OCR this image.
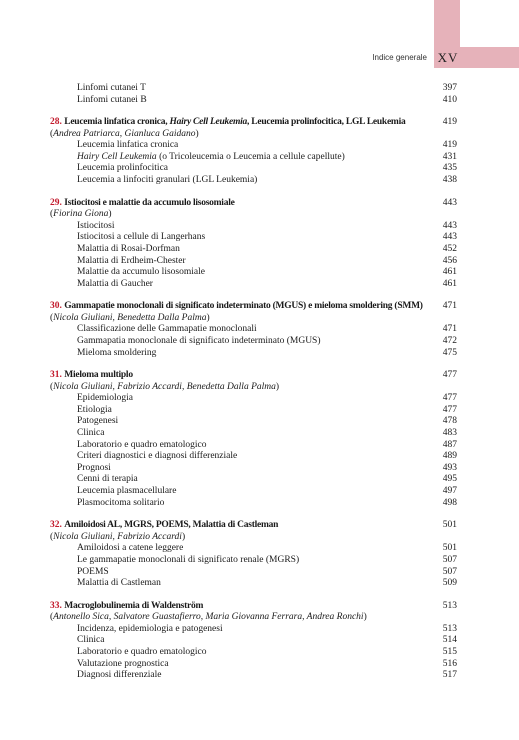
XV
Indice generale
Linfomi cutanei T	397
Linfomi cutanei B	410
28. Leucemia linfatica cronica, Hairy Cell Leukemia, Leucemia prolinfocitica, LGL Leukemia	419
(Andrea Patriarca, Gianluca Gaidano)
Leucemia linfatica cronica	419
Hairy Cell Leukemia (o Tricoleucemia o Leucemia a cellule capellute)	431
Leucemia prolinfocitica	435
Leucemia a linfociti granulari (LGL Leukemia)	438
29. Istiocitosi e malattie da accumulo lisosomiale	443
(Fiorina Giona)
Istiocitosi	443
Istiocitosi a cellule di Langerhans	443
Malattia di Rosai-Dorfman	452
Malattia di Erdheim-Chester	456
Malattie da accumulo lisosomiale	461
Malattia di Gaucher	461
30. Gammapatie monoclonali di significato indeterminato (MGUS) e mieloma smoldering (SMM) 471
(Nicola Giuliani, Benedetta Dalla Palma)
Classificazione delle Gammapatie monoclonali	471
Gammapatia monoclonale di significato indeterminato (MGUS)	472
Mieloma smoldering	475
31. Mieloma multiplo	477
(Nicola Giuliani, Fabrizio Accardi, Benedetta Dalla Palma)
Epidemiologia	477
Etiologia	477
Patogenesi	478
Clinica	483
Laboratorio e quadro ematologico	487
Criteri diagnostici e diagnosi differenziale	489
Prognosi	493
Cenni di terapia	495
Leucemia plasmacellulare	497
Plasmocitoma solitario	498
32. Amiloidosi AL, MGRS, POEMS, Malattia di Castleman	501
(Nicola Giuliani, Fabrizio Accardi)
Amiloidosi a catene leggere	501
Le gammapatie monoclonali di significato renale (MGRS)	507
POEMS	507
Malattia di Castleman	509
33. Macroglobulinemia di Waldenström	513
(Antonello Sica, Salvatore Guastafierro, Maria Giovanna Ferrara, Andrea Ronchi)
Incidenza, epidemiologia e patogenesi	513
Clinica	514
Laboratorio e quadro ematologico	515
Valutazione prognostica	516
Diagnosi differenziale	517
